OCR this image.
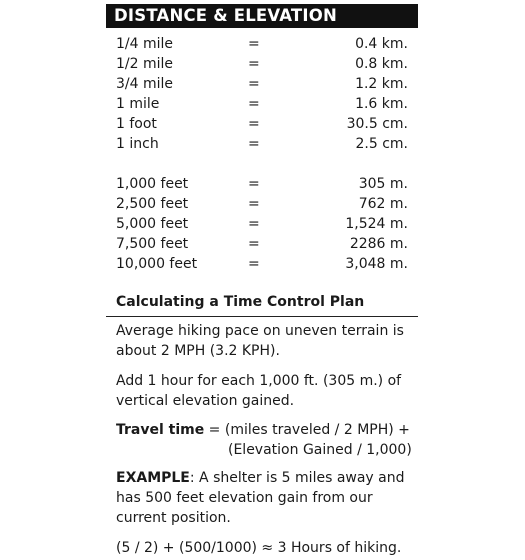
DISTANCE & ELEVATION
1/4 mile	=	0.4 km.
1/2 mile	=	0.8 km.
3/4 mile	=	1.2 km.
1 mile	=	1.6 km.
1 foot	=	30.5 cm.
1 inch	=	2.5 cm.
1,000 feet	=	305 m.
2,500 feet	=	762 m.
5,000 feet	=	1,524 m.
7,500 feet	=	2286 m.
10,000 feet	=	3,048 m.
Calculating a Time Control Plan

Average hiking pace on uneven terrain is about 2 MPH (3.2 KPH).

Add 1 hour for each 1,000 ft. (305 m.) of vertical elevation gained.

Travel time = (miles traveled / 2 MPH) +
(Elevation Gained / 1,000)

EXAMPLE: A shelter is 5 miles away and has 500 feet elevation gain from our current position.

(5 / 2) + (500/1000) ≈ 3 Hours of hiking.
